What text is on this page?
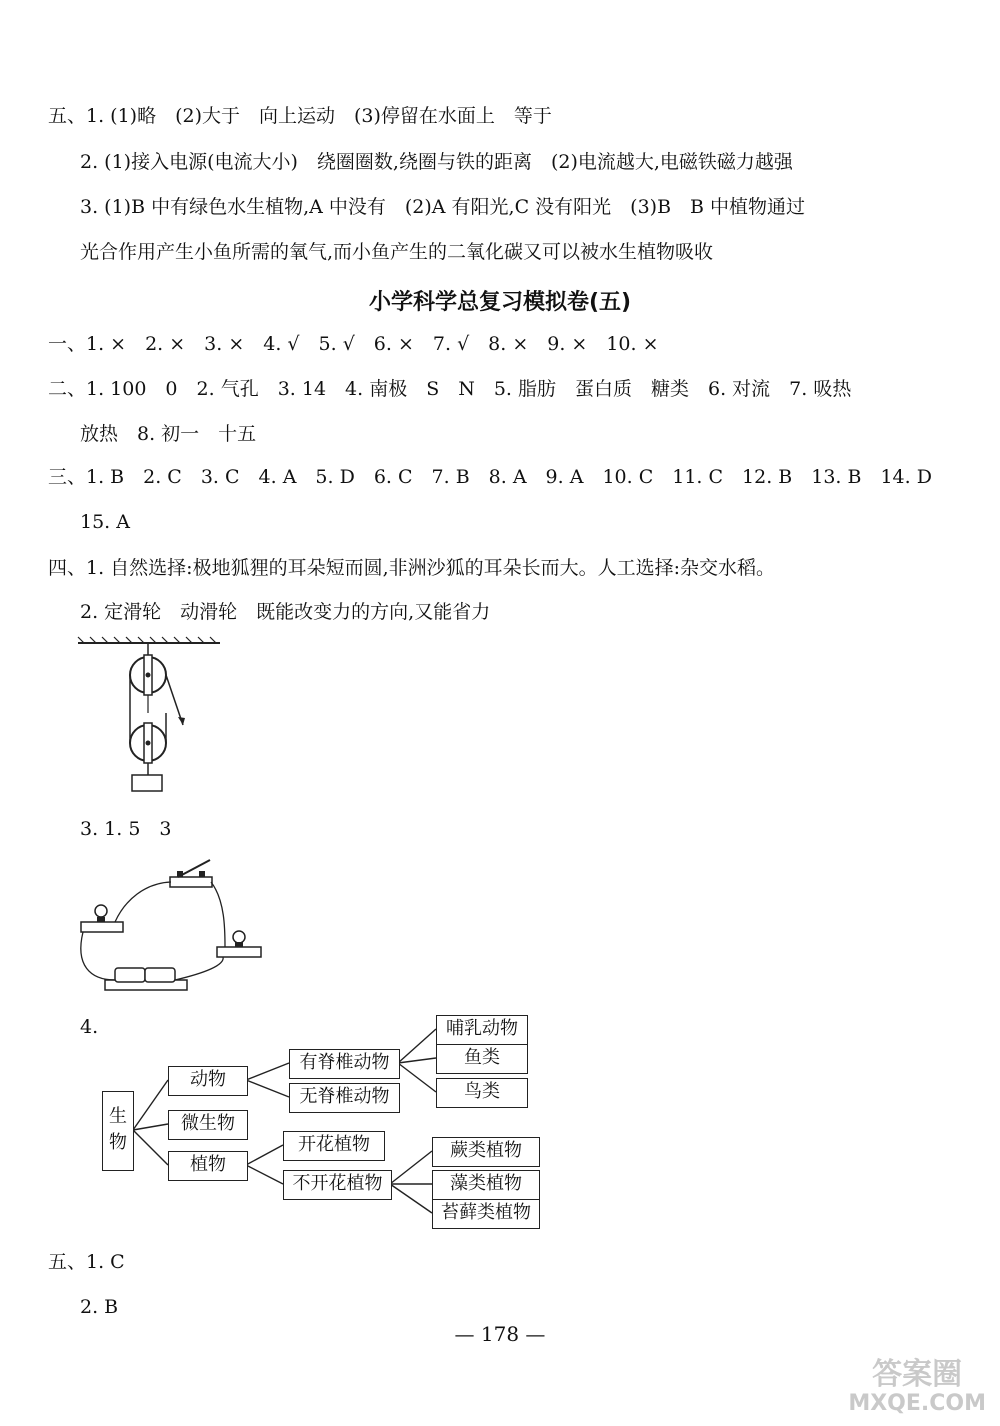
五、1. (1)略　(2)大于　向上运动　(3)停留在水面上　等于
2. (1)接入电源(电流大小)　绕圈圈数,绕圈与铁的距离　(2)电流越大,电磁铁磁力越强
3. (1)B 中有绿色水生植物,A 中没有　(2)A 有阳光,C 没有阳光　(3)B　B 中植物通过
光合作用产生小鱼所需的氧气,而小鱼产生的二氧化碳又可以被水生植物吸收
小学科学总复习模拟卷(五)
一、1. ×　2. ×　3. ×　4. √　5. √　6. ×　7. √　8. ×　9. ×　10. ×
二、1. 100　0　2. 气孔　3. 14　4. 南极　S　N　5. 脂肪　蛋白质　糖类　6. 对流　7. 吸热
放热　8. 初一　十五
三、1. B　2. C　3. C　4. A　5. D　6. C　7. B　8. A　9. A　10. C　11. C　12. B　13. B　14. D
15. A
四、1. 自然选择:极地狐狸的耳朵短而圆,非洲沙狐的耳朵长而大。人工选择:杂交水稻。
2. 定滑轮　动滑轮　既能改变力的方向,又能省力
3. 1. 5　3
4.
生物
动物
微生物
植物
有脊椎动物
无脊椎动物
哺乳动物
鱼类
鸟类
开花植物
不开花植物
蕨类植物
藻类植物
苔藓类植物
五、1. C
2. B
— 178 —
答案圈
MXQE.COM
